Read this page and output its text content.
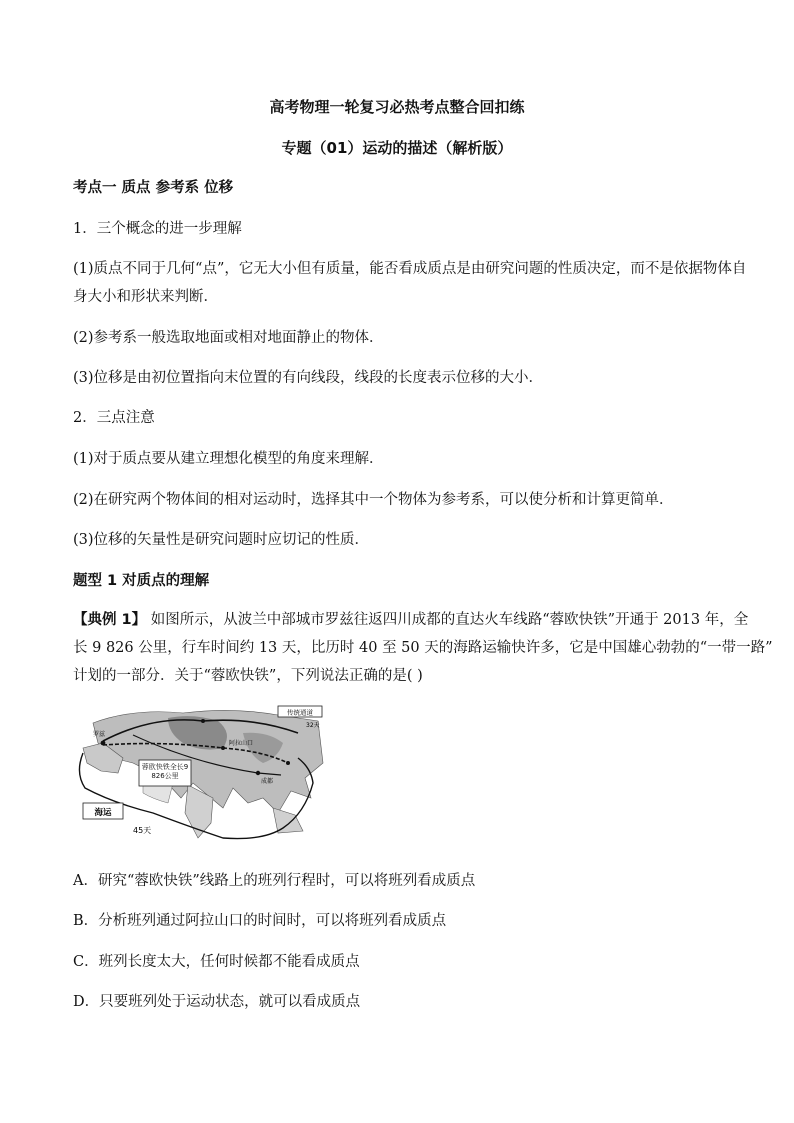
高考物理一轮复习必热考点整合回扣练
专题（01）运动的描述（解析版）
考点一 质点 参考系 位移
1．三个概念的进一步理解
(1)质点不同于几何“点”，它无大小但有质量，能否看成质点是由研究问题的性质决定，而不是依据物体自
身大小和形状来判断．
(2)参考系一般选取地面或相对地面静止的物体．
(3)位移是由初位置指向末位置的有向线段，线段的长度表示位移的大小．
2．三点注意
(1)对于质点要从建立理想化模型的角度来理解．
(2)在研究两个物体间的相对运动时，选择其中一个物体为参考系，可以使分析和计算更简单．
(3)位移的矢量性是研究问题时应切记的性质．
题型 1 对质点的理解
【典例 1】 如图所示，从波兰中部城市罗兹往返四川成都的直达火车线路“蓉欧快铁”开通于 2013 年，全
长 9 826 公里，行车时间约 13 天，比历时 40 至 50 天的海路运输快许多，它是中国雄心勃勃的“一带一路”
计划的一部分．关于“蓉欧快铁”，下列说法正确的是( )
传统通道
蓉欧快铁全长9 826公里
海运
45天
32天
阿拉山口
成都
罗兹
A．研究“蓉欧快铁”线路上的班列行程时，可以将班列看成质点
B．分析班列通过阿拉山口的时间时，可以将班列看成质点
C．班列长度太大，任何时候都不能看成质点
D．只要班列处于运动状态，就可以看成质点
